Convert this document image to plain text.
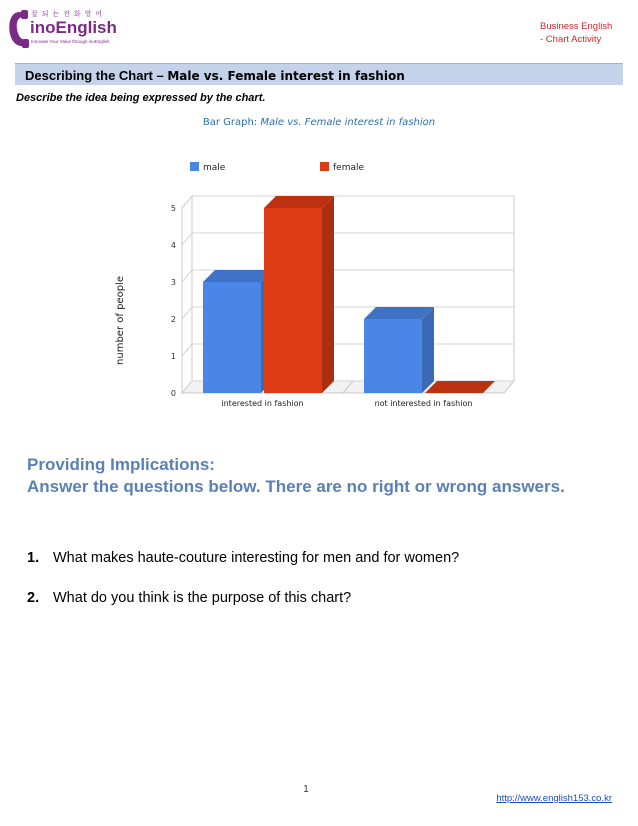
잘 되 는 전 화 영 어
inoEnglish
Innovate Your Value through inoEnglish
Business English
- Chart Activity
Describing the Chart – Male vs. Female interest in fashion
Describe the idea being expressed by the chart.
Bar Graph: Male vs. Female interest in fashion
0
1
2
3
4
5
interested in fashion	not interested in fashion
male	female
number of people
Providing Implications:
Answer the questions below. There are no right or wrong answers.
1. What makes haute-couture interesting for men and for women?
2. What do you think is the purpose of this chart?
1
http://www.english153.co.kr
